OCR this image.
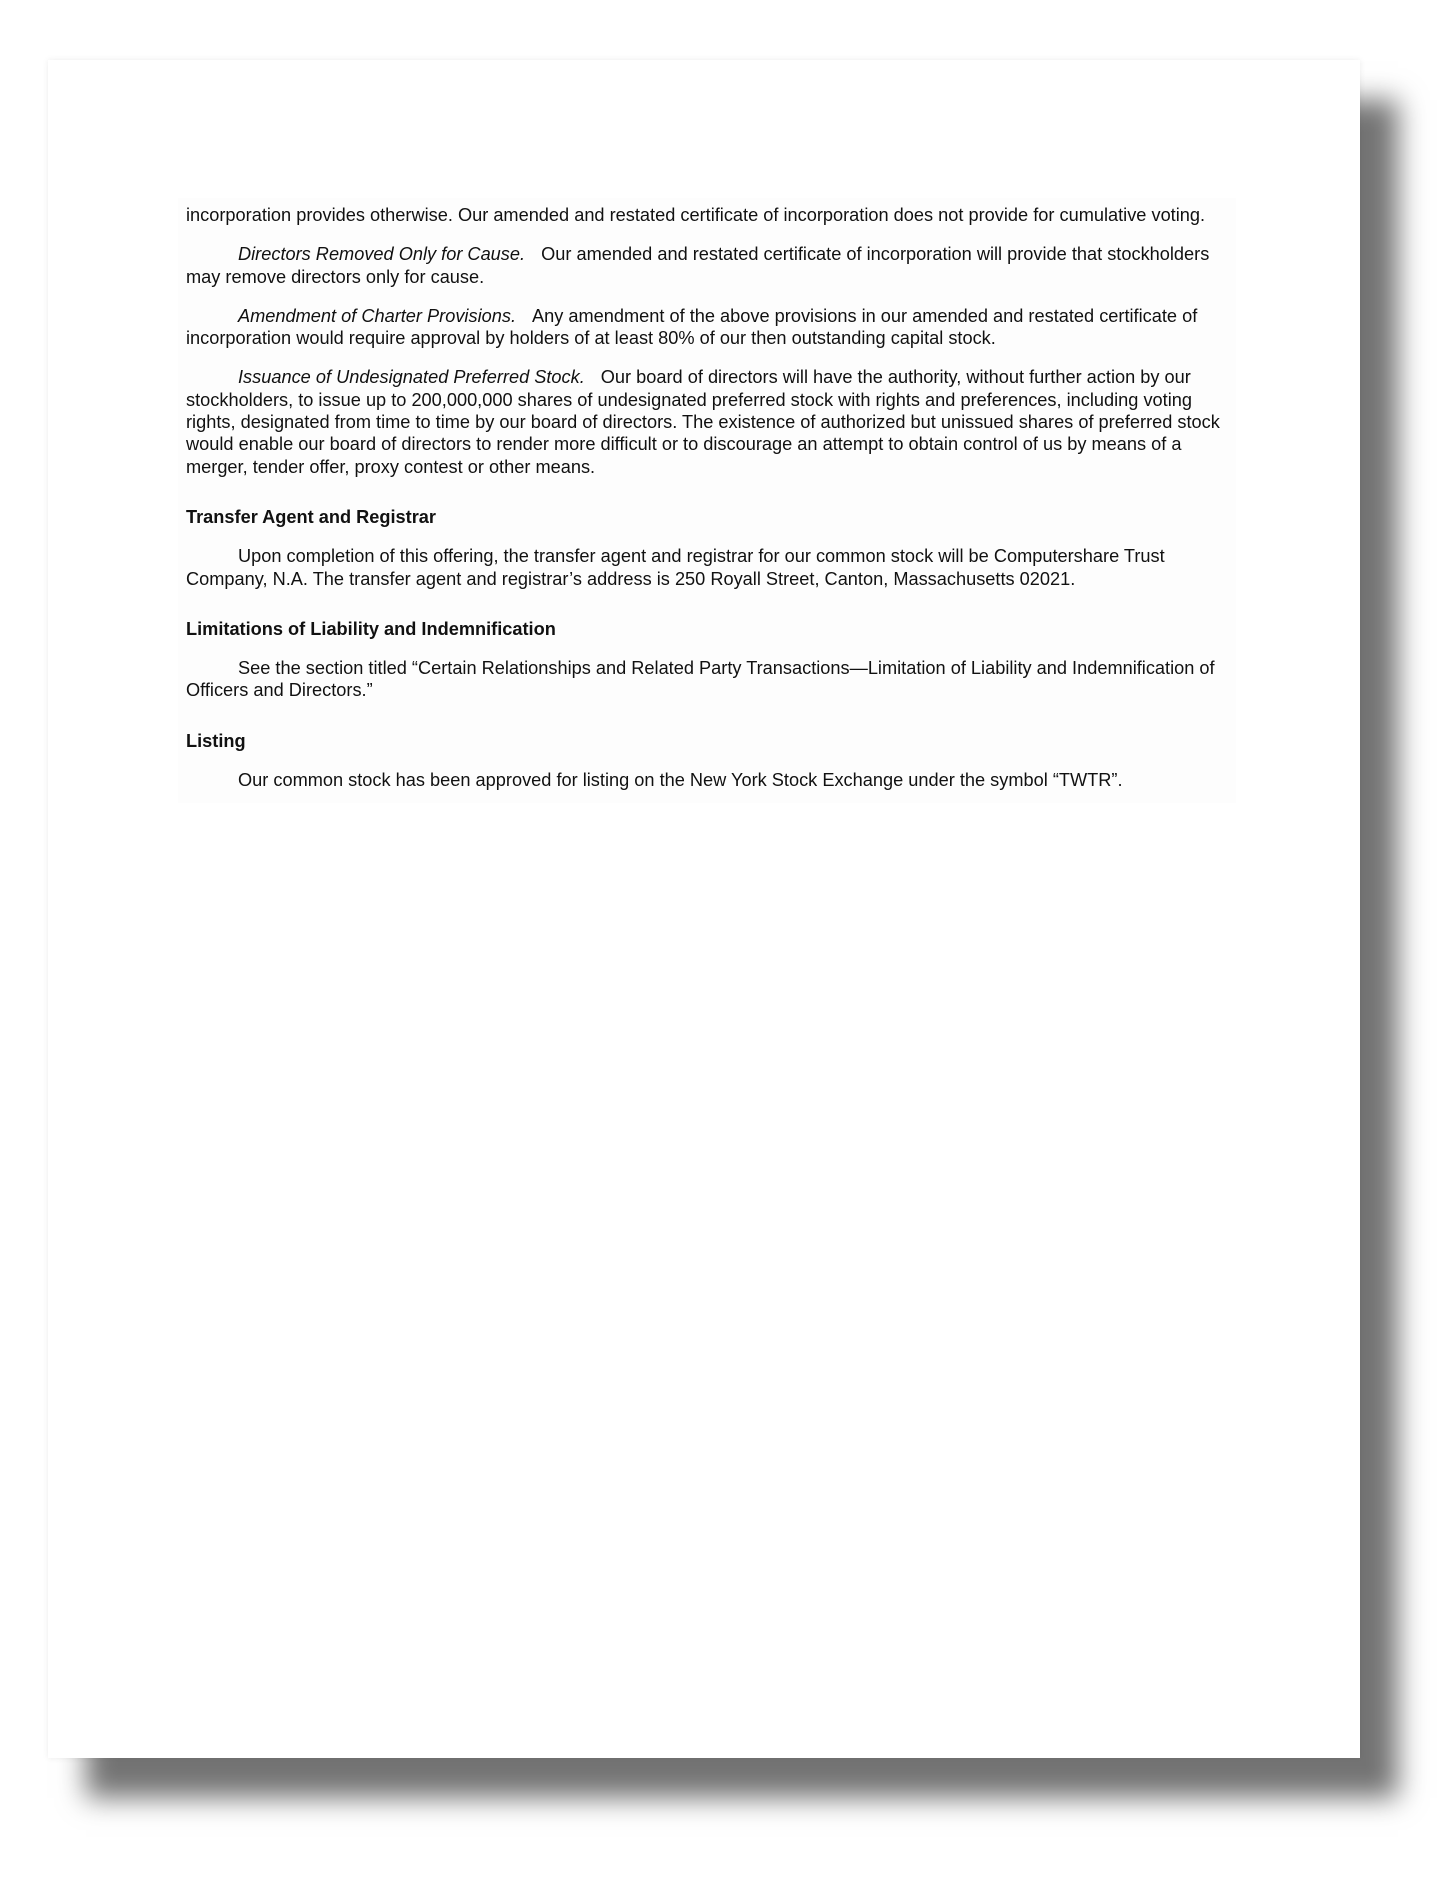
incorporation provides otherwise. Our amended and restated certificate of incorporation does not provide for cumulative voting.

Directors Removed Only for Cause. Our amended and restated certificate of incorporation will provide that stockholders may remove directors only for cause.

Amendment of Charter Provisions. Any amendment of the above provisions in our amended and restated certificate of incorporation would require approval by holders of at least 80% of our then outstanding capital stock.

Issuance of Undesignated Preferred Stock. Our board of directors will have the authority, without further action by our stockholders, to issue up to 200,000,000 shares of undesignated preferred stock with rights and preferences, including voting rights, designated from time to time by our board of directors. The existence of authorized but unissued shares of preferred stock would enable our board of directors to render more difficult or to discourage an attempt to obtain control of us by means of a merger, tender offer, proxy contest or other means.

Transfer Agent and Registrar

Upon completion of this offering, the transfer agent and registrar for our common stock will be Computershare Trust Company, N.A. The transfer agent and registrar’s address is 250 Royall Street, Canton, Massachusetts 02021.

Limitations of Liability and Indemnification

See the section titled “Certain Relationships and Related Party Transactions—Limitation of Liability and Indemnification of Officers and Directors.”

Listing

Our common stock has been approved for listing on the New York Stock Exchange under the symbol “TWTR”.
